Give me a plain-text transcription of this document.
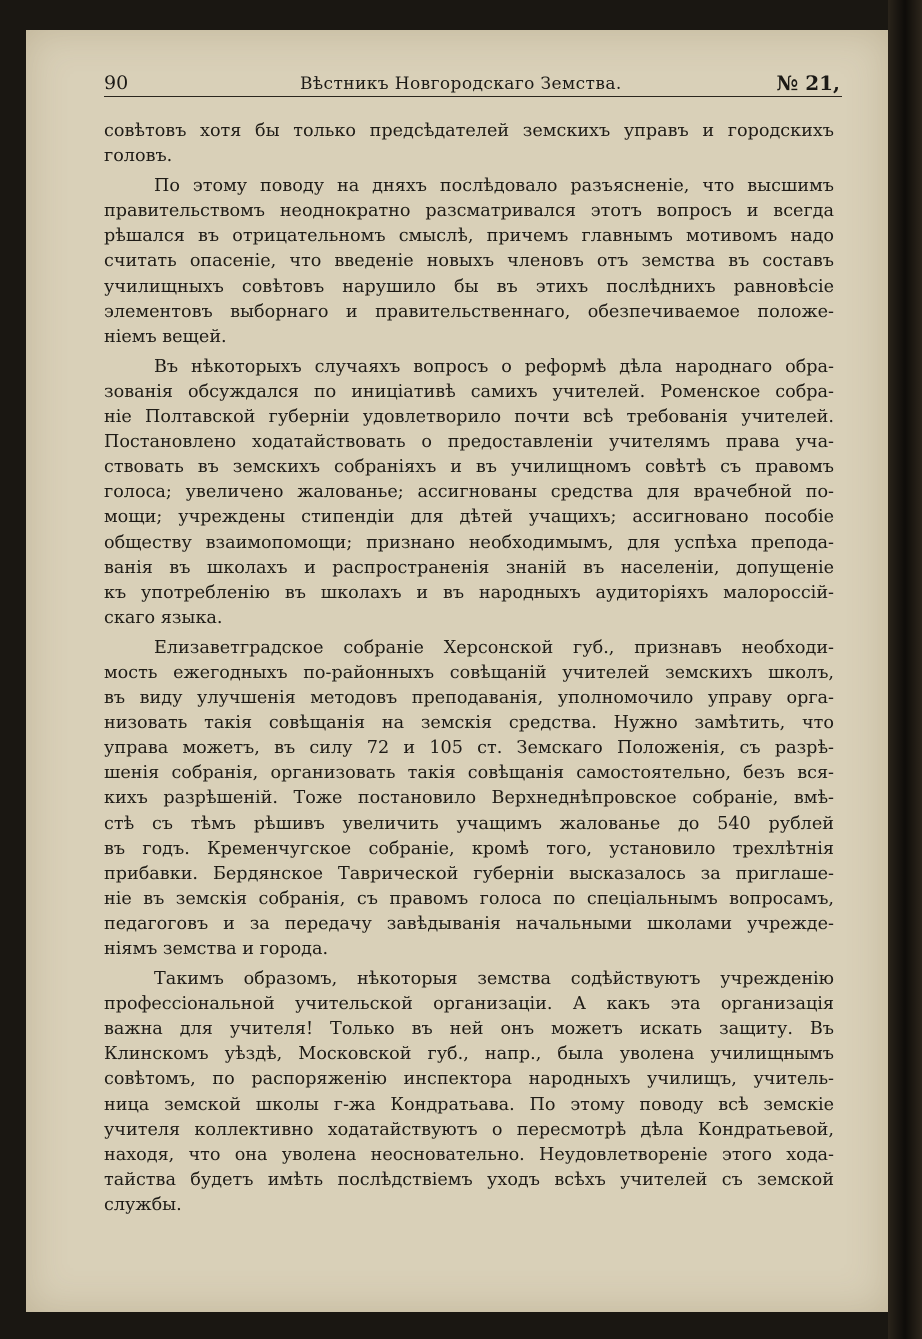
90	Вѣстникъ Новгородскаго Земства.	№ 21,
совѣтовъ хотя бы только предсѣдателей земскихъ управъ и городскихъ
головъ.
По этому поводу на дняхъ послѣдовало разъясненіе, что высшимъ
правительствомъ неоднократно разсматривался этотъ вопросъ и всегда
рѣшался въ отрицательномъ смыслѣ, причемъ главнымъ мотивомъ надо
считать опасеніе, что введеніе новыхъ членовъ отъ земства въ составъ
училищныхъ совѣтовъ нарушило бы въ этихъ послѣднихъ равновѣсіе
элементовъ выборнаго и правительственнаго, обезпечиваемое положе-
ніемъ вещей.
Въ нѣкоторыхъ случаяхъ вопросъ о реформѣ дѣла народнаго обра-
зованія обсуждался по иниціативѣ самихъ учителей. Роменское собра-
ніе Полтавской губерніи удовлетворило почти всѣ требованія учителей.
Постановлено ходатайствовать о предоставленіи учителямъ права уча-
ствовать въ земскихъ собраніяхъ и въ училищномъ совѣтѣ съ правомъ
голоса; увеличено жалованье; ассигнованы средства для врачебной по-
мощи; учреждены стипендіи для дѣтей учащихъ; ассигновано пособіе
обществу взаимопомощи; признано необходимымъ, для успѣха препода-
ванія въ школахъ и распространенія знаній въ населеніи, допущеніе
къ употребленію въ школахъ и въ народныхъ аудиторіяхъ малороссій-
скаго языка.
Елизаветградское собраніе Херсонской губ., признавъ необходи-
мость ежегодныхъ по-районныхъ совѣщаній учителей земскихъ школъ,
въ виду улучшенія методовъ преподаванія, уполномочило управу орга-
низовать такія совѣщанія на земскія средства. Нужно замѣтить, что
управа можетъ, въ силу 72 и 105 ст. Земскаго Положенія, съ разрѣ-
шенія собранія, организовать такія совѣщанія самостоятельно, безъ вся-
кихъ разрѣшеній. Тоже постановило Верхнеднѣпровское собраніе, вмѣ-
стѣ съ тѣмъ рѣшивъ увеличить учащимъ жалованье до 540 рублей
въ годъ. Кременчугское собраніе, кромѣ того, установило трехлѣтнія
прибавки. Бердянское Таврической губерніи высказалось за приглаше-
ніе въ земскія собранія, съ правомъ голоса по спеціальнымъ вопросамъ,
педагоговъ и за передачу завѣдыванія начальными школами учрежде-
ніямъ земства и города.
Такимъ образомъ, нѣкоторыя земства содѣйствуютъ учрежденію
профессіональной учительской организаціи. А какъ эта организація
важна для учителя! Только въ ней онъ можетъ искать защиту. Въ
Клинскомъ уѣздѣ, Московской губ., напр., была уволена училищнымъ
совѣтомъ, по распоряженію инспектора народныхъ училищъ, учитель-
ница земской школы г-жа Кондратьава. По этому поводу всѣ земскіе
учителя коллективно ходатайствуютъ о пересмотрѣ дѣла Кондратьевой,
находя, что она уволена неосновательно. Неудовлетвореніе этого хода-
тайства будетъ имѣть послѣдствіемъ уходъ всѣхъ учителей съ земской
службы.
